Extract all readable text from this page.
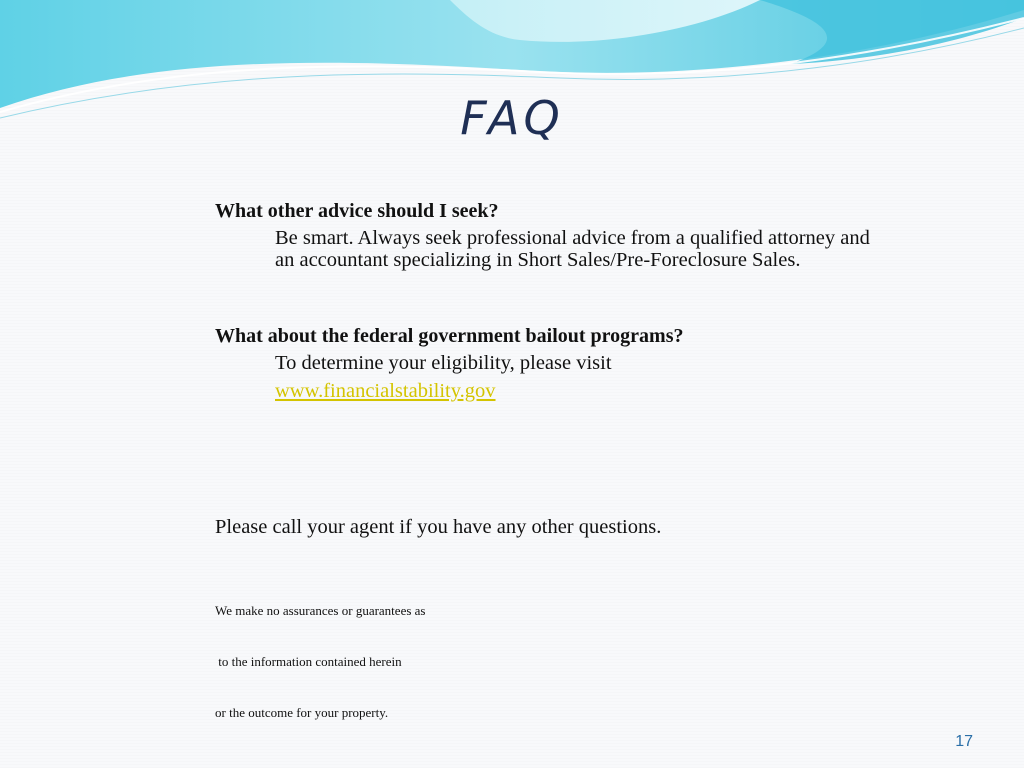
FAQ
What other advice should I seek?
Be smart. Always seek professional advice from a qualified attorney and an accountant specializing in Short Sales/Pre-Foreclosure Sales.
What about the federal government bailout programs?
To determine your eligibility, please visit
www.financialstability.gov
Please call your agent if you have any other questions.

We make no assurances or guarantees as

to the information contained herein

or the outcome for your property.

17
